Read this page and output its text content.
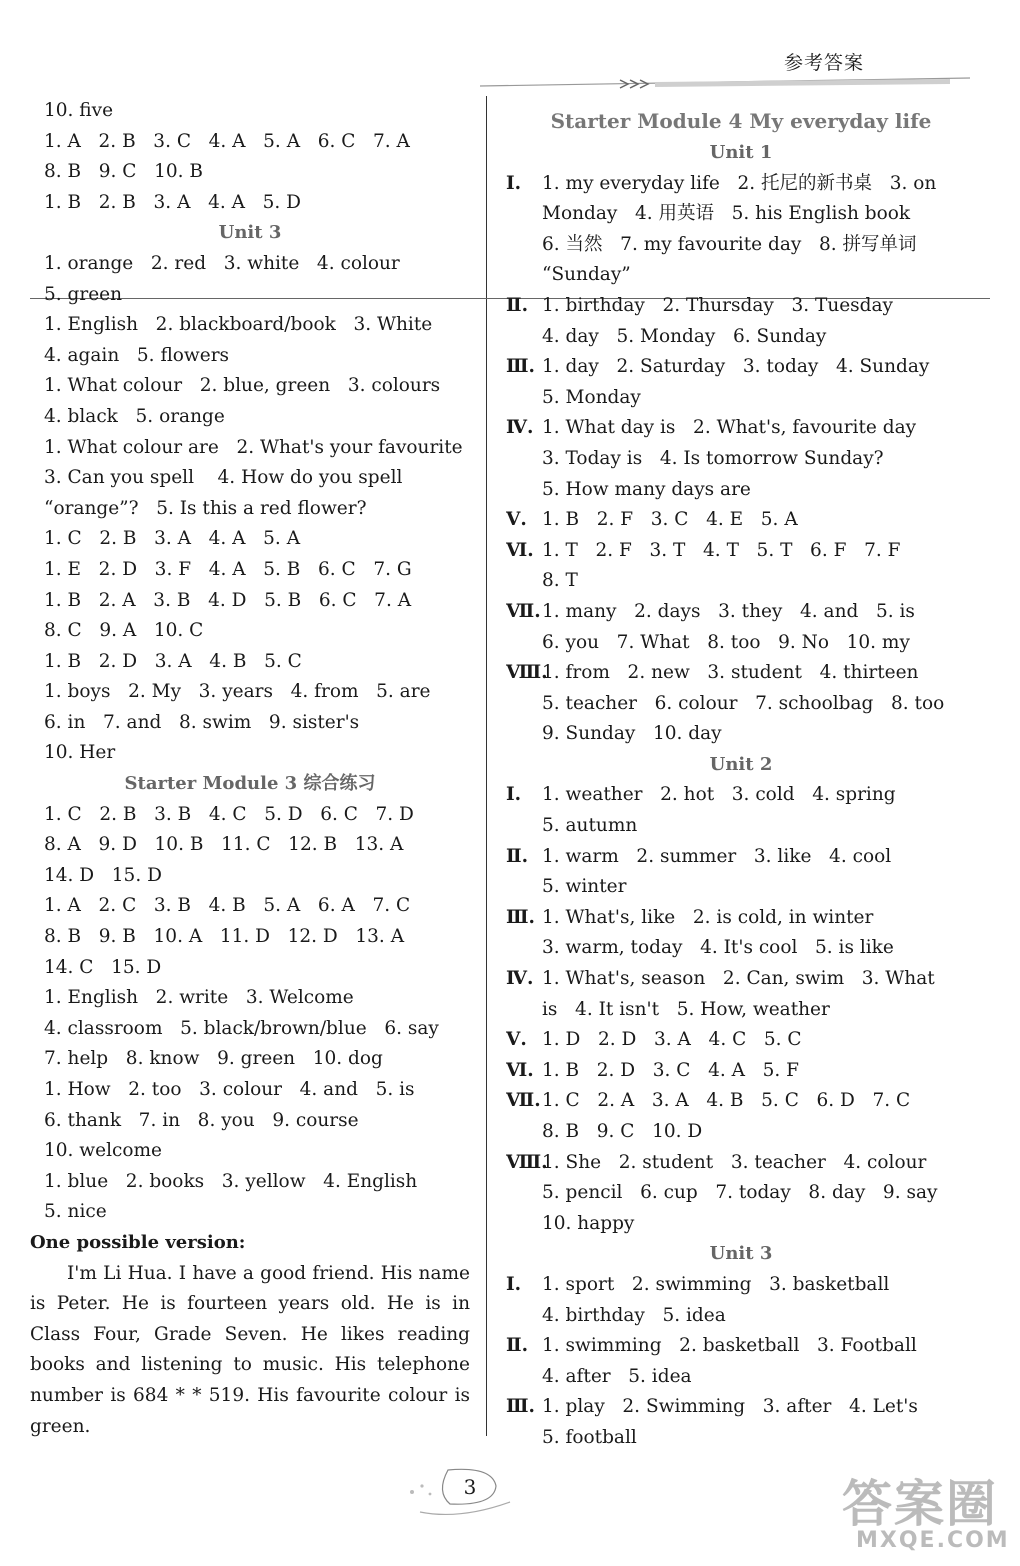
参考答案
10. five
1. A   2. B   3. C   4. A   5. A   6. C   7. A
8. B   9. C   10. B
1. B   2. B   3. A   4. A   5. D
Unit 3
1. orange   2. red   3. white   4. colour
5. green
1. English   2. blackboard/book   3. White
4. again   5. flowers
1. What colour   2. blue, green   3. colours
4. black   5. orange
1. What colour are   2. What's your favourite
3. Can you spell    4. How do you spell
“orange”?   5. Is this a red flower?
1. C   2. B   3. A   4. A   5. A
1. E   2. D   3. F   4. A   5. B   6. C   7. G
1. B   2. A   3. B   4. D   5. B   6. C   7. A
8. C   9. A   10. C
1. B   2. D   3. A   4. B   5. C
1. boys   2. My   3. years   4. from   5. are
6. in   7. and   8. swim   9. sister's
10. Her
Starter Module 3 综合练习
1. C   2. B   3. B   4. C   5. D   6. C   7. D
8. A   9. D   10. B   11. C   12. B   13. A
14. D   15. D
1. A   2. C   3. B   4. B   5. A   6. A   7. C
8. B   9. B   10. A   11. D   12. D   13. A
14. C   15. D
1. English   2. write   3. Welcome
4. classroom   5. black/brown/blue   6. say
7. help   8. know   9. green   10. dog
1. How   2. too   3. colour   4. and   5. is
6. thank   7. in   8. you   9. course
10. welcome
1. blue   2. books   3. yellow   4. English
5. nice
One possible version:
I'm Li Hua. I have a good friend. His name is Peter. He is fourteen years old. He is in Class Four, Grade Seven. He likes reading books and listening to music. His telephone number is 684 * * 519. His favourite colour is green.
Starter Module 4 My everyday life
Unit 1
Ⅰ. 1. my everyday life   2. 托尼的新书桌   3. on
Monday   4. 用英语   5. his English book
6. 当然   7. my favourite day   8. 拼写单词
“Sunday”
Ⅱ. 1. birthday   2. Thursday   3. Tuesday
4. day   5. Monday   6. Sunday
Ⅲ. 1. day   2. Saturday   3. today   4. Sunday
5. Monday
Ⅳ. 1. What day is   2. What's, favourite day
3. Today is   4. Is tomorrow Sunday?
5. How many days are
Ⅴ. 1. B   2. F   3. C   4. E   5. A
Ⅵ. 1. T   2. F   3. T   4. T   5. T   6. F   7. F
8. T
Ⅶ.1. many   2. days   3. they   4. and   5. is
6. you   7. What   8. too   9. No   10. my
Ⅷ.1. from   2. new   3. student   4. thirteen
5. teacher   6. colour   7. schoolbag   8. too
9. Sunday   10. day
Unit 2
Ⅰ. 1. weather   2. hot   3. cold   4. spring
5. autumn
Ⅱ. 1. warm   2. summer   3. like   4. cool
5. winter
Ⅲ. 1. What's, like   2. is cold, in winter
3. warm, today   4. It's cool   5. is like
Ⅳ. 1. What's, season   2. Can, swim   3. What
is   4. It isn't   5. How, weather
Ⅴ. 1. D   2. D   3. A   4. C   5. C
Ⅵ. 1. B   2. D   3. C   4. A   5. F
Ⅶ.1. C   2. A   3. A   4. B   5. C   6. D   7. C
8. B   9. C   10. D
Ⅷ.1. She   2. student   3. teacher   4. colour
5. pencil   6. cup   7. today   8. day   9. say
10. happy
Unit 3
Ⅰ. 1. sport   2. swimming   3. basketball
4. birthday   5. idea
Ⅱ. 1. swimming   2. basketball   3. Football
4. after   5. idea
Ⅲ. 1. play   2. Swimming   3. after   4. Let's
5. football
3	答案圈
MXQE.COM
